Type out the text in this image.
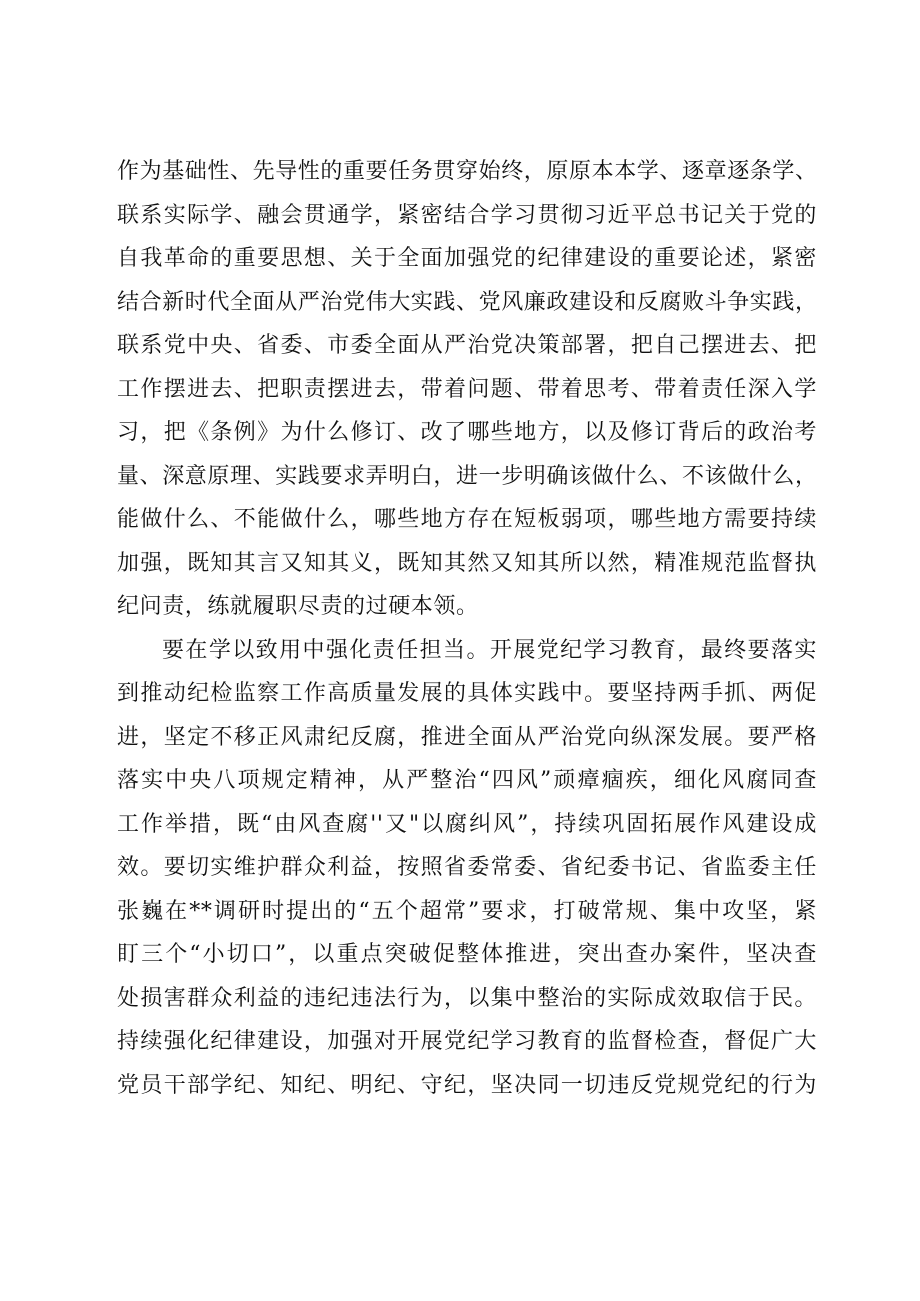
作为基础性、先导性的重要任务贯穿始终，原原本本学、逐章逐条学、
联系实际学、融会贯通学，紧密结合学习贯彻习近平总书记关于党的
自我革命的重要思想、关于全面加强党的纪律建设的重要论述，紧密
结合新时代全面从严治党伟大实践、党风廉政建设和反腐败斗争实践，
联系党中央、省委、市委全面从严治党决策部署，把自己摆进去、把
工作摆进去、把职责摆进去，带着问题、带着思考、带着责任深入学
习，把《条例》为什么修订、改了哪些地方，以及修订背后的政治考
量、深意原理、实践要求弄明白，进一步明确该做什么、不该做什么，
能做什么、不能做什么，哪些地方存在短板弱项，哪些地方需要持续
加强，既知其言又知其义，既知其然又知其所以然，精准规范监督执
纪问责，练就履职尽责的过硬本领。
要在学以致用中强化责任担当。开展党纪学习教育，最终要落实
到推动纪检监察工作高质量发展的具体实践中。要坚持两手抓、两促
进，坚定不移正风肃纪反腐，推进全面从严治党向纵深发展。要严格
落实中央八项规定精神，从严整治“四风”顽瘴痼疾，细化风腐同查
工作举措，既“由风查腐''又"以腐纠风”，持续巩固拓展作风建设成
效。要切实维护群众利益，按照省委常委、省纪委书记、省监委主任
张巍在**调研时提出的“五个超常”要求，打破常规、集中攻坚，紧
盯三个“小切口”，以重点突破促整体推进，突出查办案件，坚决查
处损害群众利益的违纪违法行为，以集中整治的实际成效取信于民。
持续强化纪律建设，加强对开展党纪学习教育的监督检查，督促广大
党员干部学纪、知纪、明纪、守纪，坚决同一切违反党规党纪的行为
